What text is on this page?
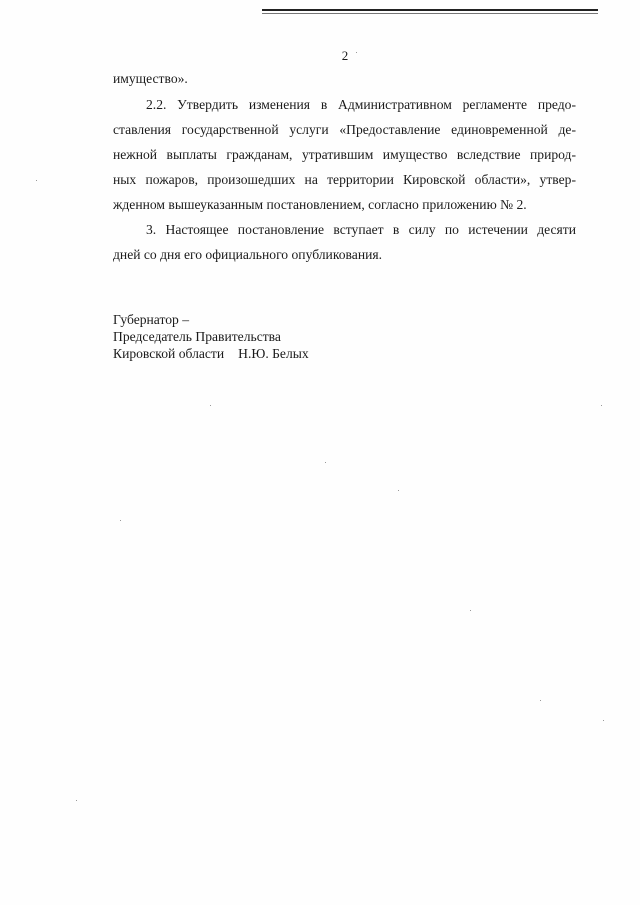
2
имущество».
2.2. Утвердить изменения в Административном регламенте предо-
ставления государственной услуги «Предоставление единовременной де-
нежной выплаты гражданам, утратившим имущество вследствие природ-
ных пожаров, произошедших на территории Кировской области», утвер-
жденном вышеуказанным постановлением, согласно приложению № 2.
3. Настоящее постановление вступает в силу по истечении десяти
дней со дня его официального опубликования.
Губернатор –
Председатель Правительства
Кировской области Н.Ю. Белых
